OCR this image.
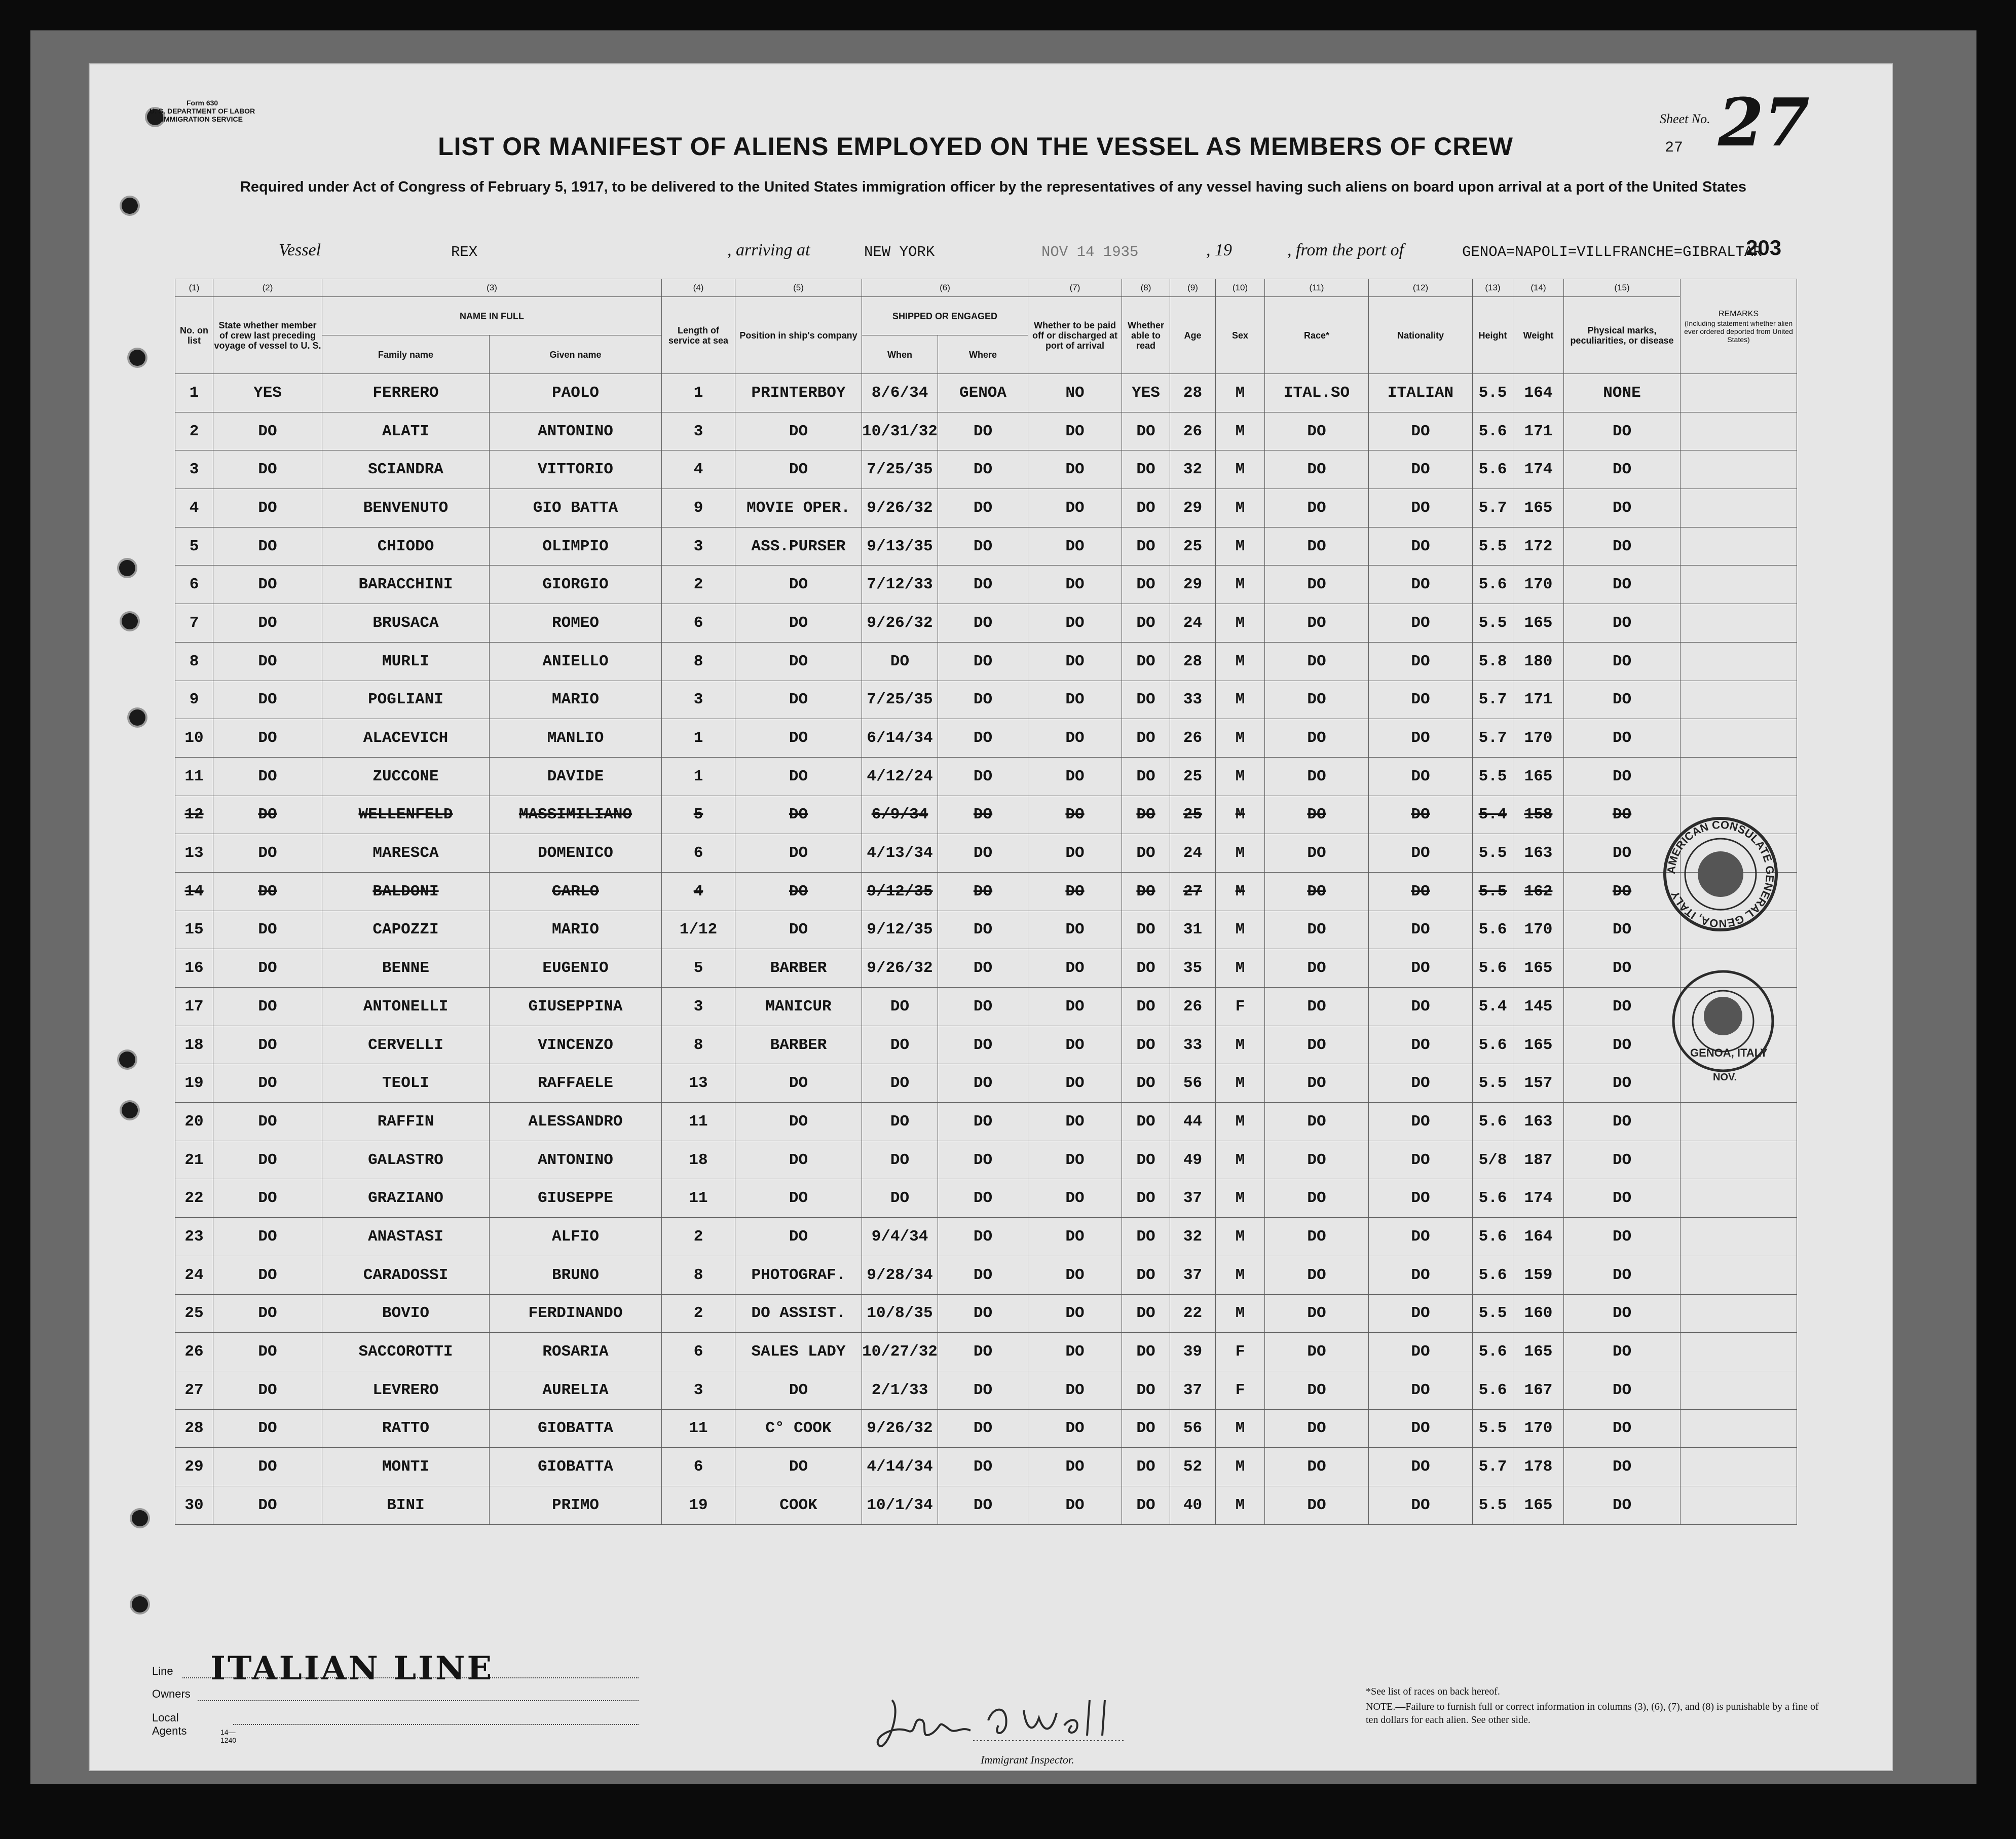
Form 630
U. S. DEPARTMENT OF LABOR
IMMIGRATION SERVICE
LIST OR MANIFEST OF ALIENS EMPLOYED ON THE VESSEL AS MEMBERS OF CREW
Sheet No. 27
27
Required under Act of Congress of February 5, 1917, to be delivered to the United States immigration officer by the representatives of any vessel having such aliens on board upon arrival at a port of the United States
Vessel	REX	, arriving at	NEW YORK	NOV 14 1935	, 19	, from the port of	GENOA=NAPOLI=VILLFRANCHE=GIBRALTAR
203
(1)	(2)	(3)		(4)	(5)	(6)		(7)	(8)	(9)	(10)	(11)	(12)	(13)	(14)	(15)	REMARKS
(Including statement whether alien ever ordered deported from United States)

No. on list	State whether member of crew last preceding voyage of vessel to U. S.	NAME IN FULL		Length of service at sea	Position in ship's company	SHIPPED OR ENGAGED		Whether to be paid off or discharged at port of arrival	Whether able to read	Age	Sex	Race*	Nationality	Height	Weight	Physical marks, peculiarities, or disease	
		Family name	Given name			When	Where										
1	YES	FERRERO	PAOLO	1	PRINTERBOY	8/6/34	GENOA	NO	YES	28	M	ITAL.SO	ITALIAN	5.5	164	NONE	
2	DO	ALATI	ANTONINO	3	DO	10/31/32	DO	DO	DO	26	M	DO	DO	5.6	171	DO	
3	DO	SCIANDRA	VITTORIO	4	DO	7/25/35	DO	DO	DO	32	M	DO	DO	5.6	174	DO	
4	DO	BENVENUTO	GIO BATTA	9	MOVIE OPER.	9/26/32	DO	DO	DO	29	M	DO	DO	5.7	165	DO	
5	DO	CHIODO	OLIMPIO	3	ASS.PURSER	9/13/35	DO	DO	DO	25	M	DO	DO	5.5	172	DO	
6	DO	BARACCHINI	GIORGIO	2	DO	7/12/33	DO	DO	DO	29	M	DO	DO	5.6	170	DO	
7	DO	BRUSACA	ROMEO	6	DO	9/26/32	DO	DO	DO	24	M	DO	DO	5.5	165	DO	
8	DO	MURLI	ANIELLO	8	DO	DO	DO	DO	DO	28	M	DO	DO	5.8	180	DO	
9	DO	POGLIANI	MARIO	3	DO	7/25/35	DO	DO	DO	33	M	DO	DO	5.7	171	DO	
10	DO	ALACEVICH	MANLIO	1	DO	6/14/34	DO	DO	DO	26	M	DO	DO	5.7	170	DO	
11	DO	ZUCCONE	DAVIDE	1	DO	4/12/24	DO	DO	DO	25	M	DO	DO	5.5	165	DO	
12	DO	WELLENFELD	MASSIMILIANO	5	DO	6/9/34	DO	DO	DO	25	M	DO	DO	5.4	158	DO	
13	DO	MARESCA	DOMENICO	6	DO	4/13/34	DO	DO	DO	24	M	DO	DO	5.5	163	DO	
14	DO	BALDONI	CARLO	4	DO	9/12/35	DO	DO	DO	27	M	DO	DO	5.5	162	DO	
15	DO	CAPOZZI	MARIO	1/12	DO	9/12/35	DO	DO	DO	31	M	DO	DO	5.6	170	DO	
16	DO	BENNE	EUGENIO	5	BARBER	9/26/32	DO	DO	DO	35	M	DO	DO	5.6	165	DO	
17	DO	ANTONELLI	GIUSEPPINA	3	MANICUR	DO	DO	DO	DO	26	F	DO	DO	5.4	145	DO	
18	DO	CERVELLI	VINCENZO	8	BARBER	DO	DO	DO	DO	33	M	DO	DO	5.6	165	DO	
19	DO	TEOLI	RAFFAELE	13	DO	DO	DO	DO	DO	56	M	DO	DO	5.5	157	DO	
20	DO	RAFFIN	ALESSANDRO	11	DO	DO	DO	DO	DO	44	M	DO	DO	5.6	163	DO	
21	DO	GALASTRO	ANTONINO	18	DO	DO	DO	DO	DO	49	M	DO	DO	5/8	187	DO	
22	DO	GRAZIANO	GIUSEPPE	11	DO	DO	DO	DO	DO	37	M	DO	DO	5.6	174	DO	
23	DO	ANASTASI	ALFIO	2	DO	9/4/34	DO	DO	DO	32	M	DO	DO	5.6	164	DO	
24	DO	CARADOSSI	BRUNO	8	PHOTOGRAF.	9/28/34	DO	DO	DO	37	M	DO	DO	5.6	159	DO	
25	DO	BOVIO	FERDINANDO	2	DO ASSIST.	10/8/35	DO	DO	DO	22	M	DO	DO	5.5	160	DO	
26	DO	SACCOROTTI	ROSARIA	6	SALES LADY	10/27/32	DO	DO	DO	39	F	DO	DO	5.6	165	DO	
27	DO	LEVRERO	AURELIA	3	DO	2/1/33	DO	DO	DO	37	F	DO	DO	5.6	167	DO	
28	DO	RATTO	GIOBATTA	11	C° COOK	9/26/32	DO	DO	DO	56	M	DO	DO	5.5	170	DO	
29	DO	MONTI	GIOBATTA	6	DO	4/14/34	DO	DO	DO	52	M	DO	DO	5.7	178	DO	
30	DO	BINI	PRIMO	19	COOK	10/1/34	DO	DO	DO	40	M	DO	DO	5.5	165	DO	
Line
Owners
Local Agents	14—1240
ITALIAN LINE
Immigrant Inspector.
*See list of races on back hereof.
NOTE.—Failure to furnish full or correct information in columns (3), (6), (7), and (8) is punishable by a fine of ten dollars for each alien. See other side.
AMERICAN CONSULATE GENERAL GENOA, ITALY
GENOA, ITALY
NOV.
